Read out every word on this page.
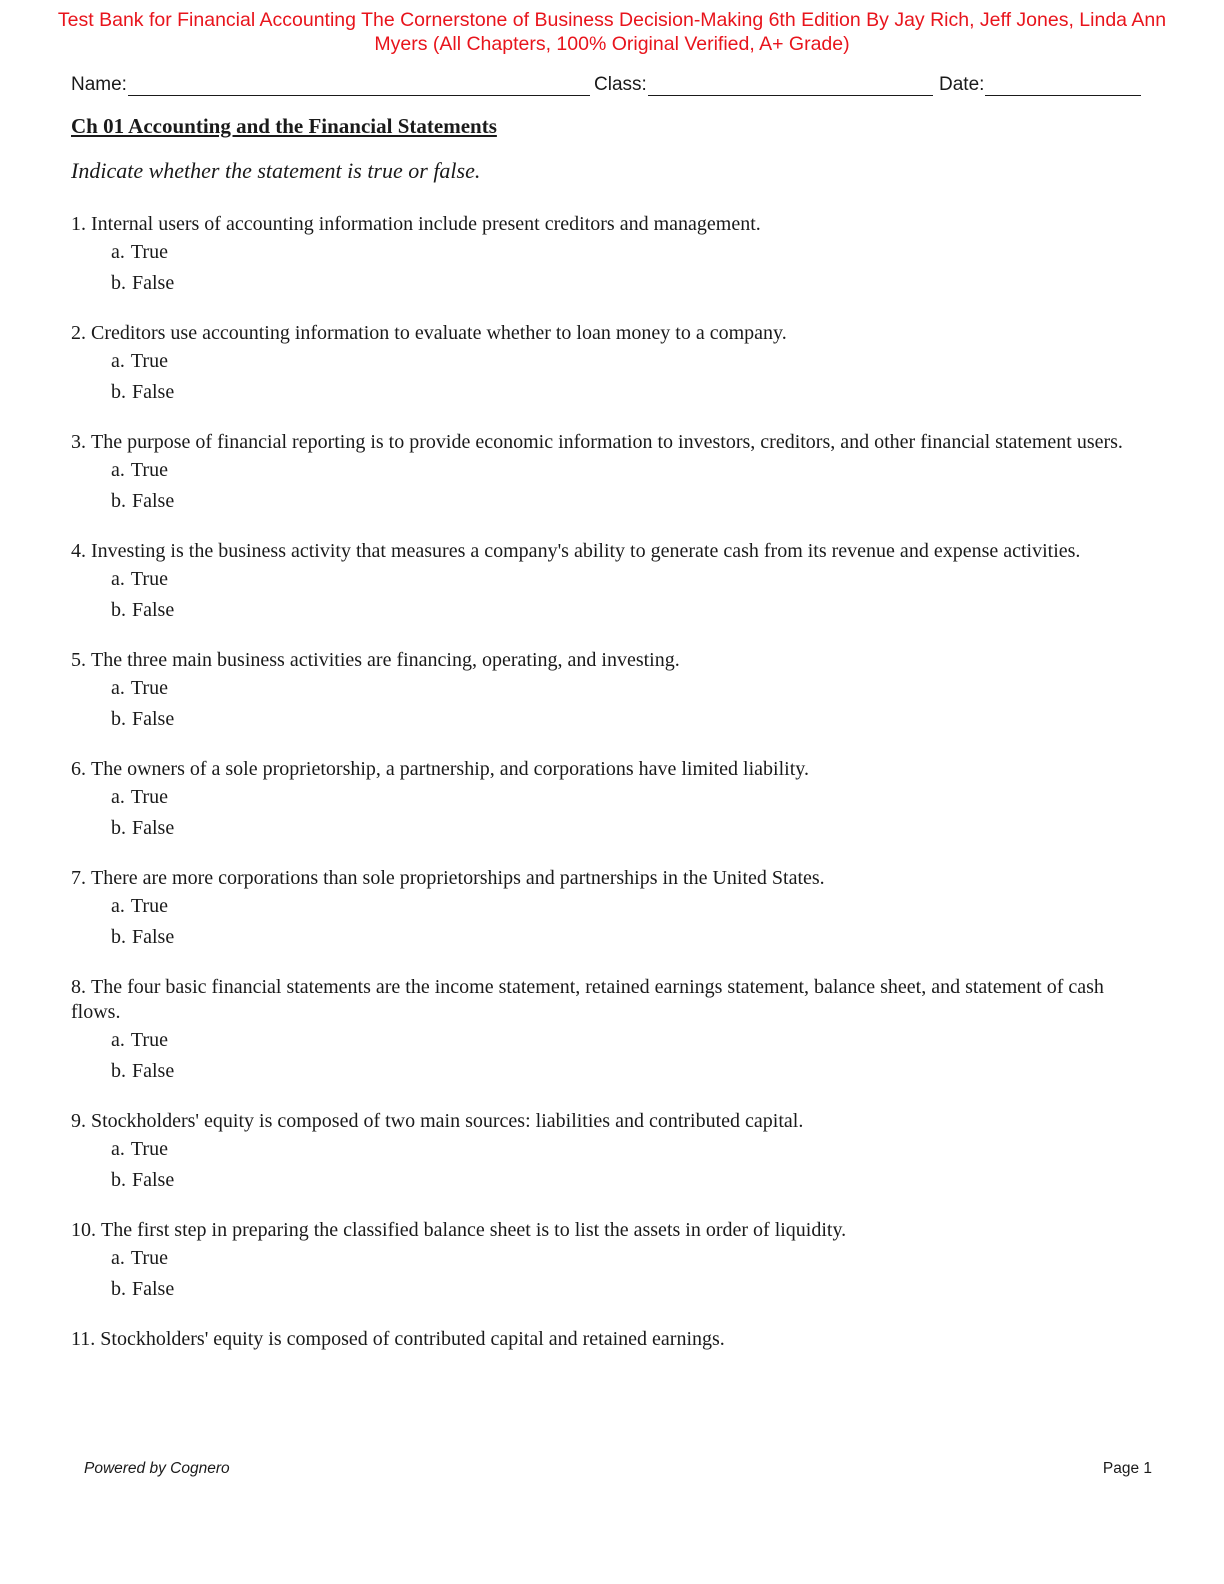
Test Bank for Financial Accounting The Cornerstone of Business Decision-Making 6th Edition By Jay Rich, Jeff Jones, Linda Ann Myers (All Chapters, 100% Original Verified, A+ Grade)
Name:	Class:	Date:
Ch 01 Accounting and the Financial Statements
Indicate whether the statement is true or false.

1. Internal users of accounting information include present creditors and management.

a. True
b. False

2. Creditors use accounting information to evaluate whether to loan money to a company.

a. True
b. False

3. The purpose of financial reporting is to provide economic information to investors, creditors, and other financial statement users.

a. True
b. False

4. Investing is the business activity that measures a company's ability to generate cash from its revenue and expense activities.

a. True
b. False

5. The three main business activities are financing, operating, and investing.

a. True
b. False

6. The owners of a sole proprietorship, a partnership, and corporations have limited liability.

a. True
b. False

7. There are more corporations than sole proprietorships and partnerships in the United States.

a. True
b. False

8. The four basic financial statements are the income statement, retained earnings statement, balance sheet, and statement of cash flows.

a. True
b. False

9. Stockholders' equity is composed of two main sources: liabilities and contributed capital.

a. True
b. False

10. The first step in preparing the classified balance sheet is to list the assets in order of liquidity.

a. True
b. False

11. Stockholders' equity is composed of contributed capital and retained earnings.

Powered by Cognero	Page 1
